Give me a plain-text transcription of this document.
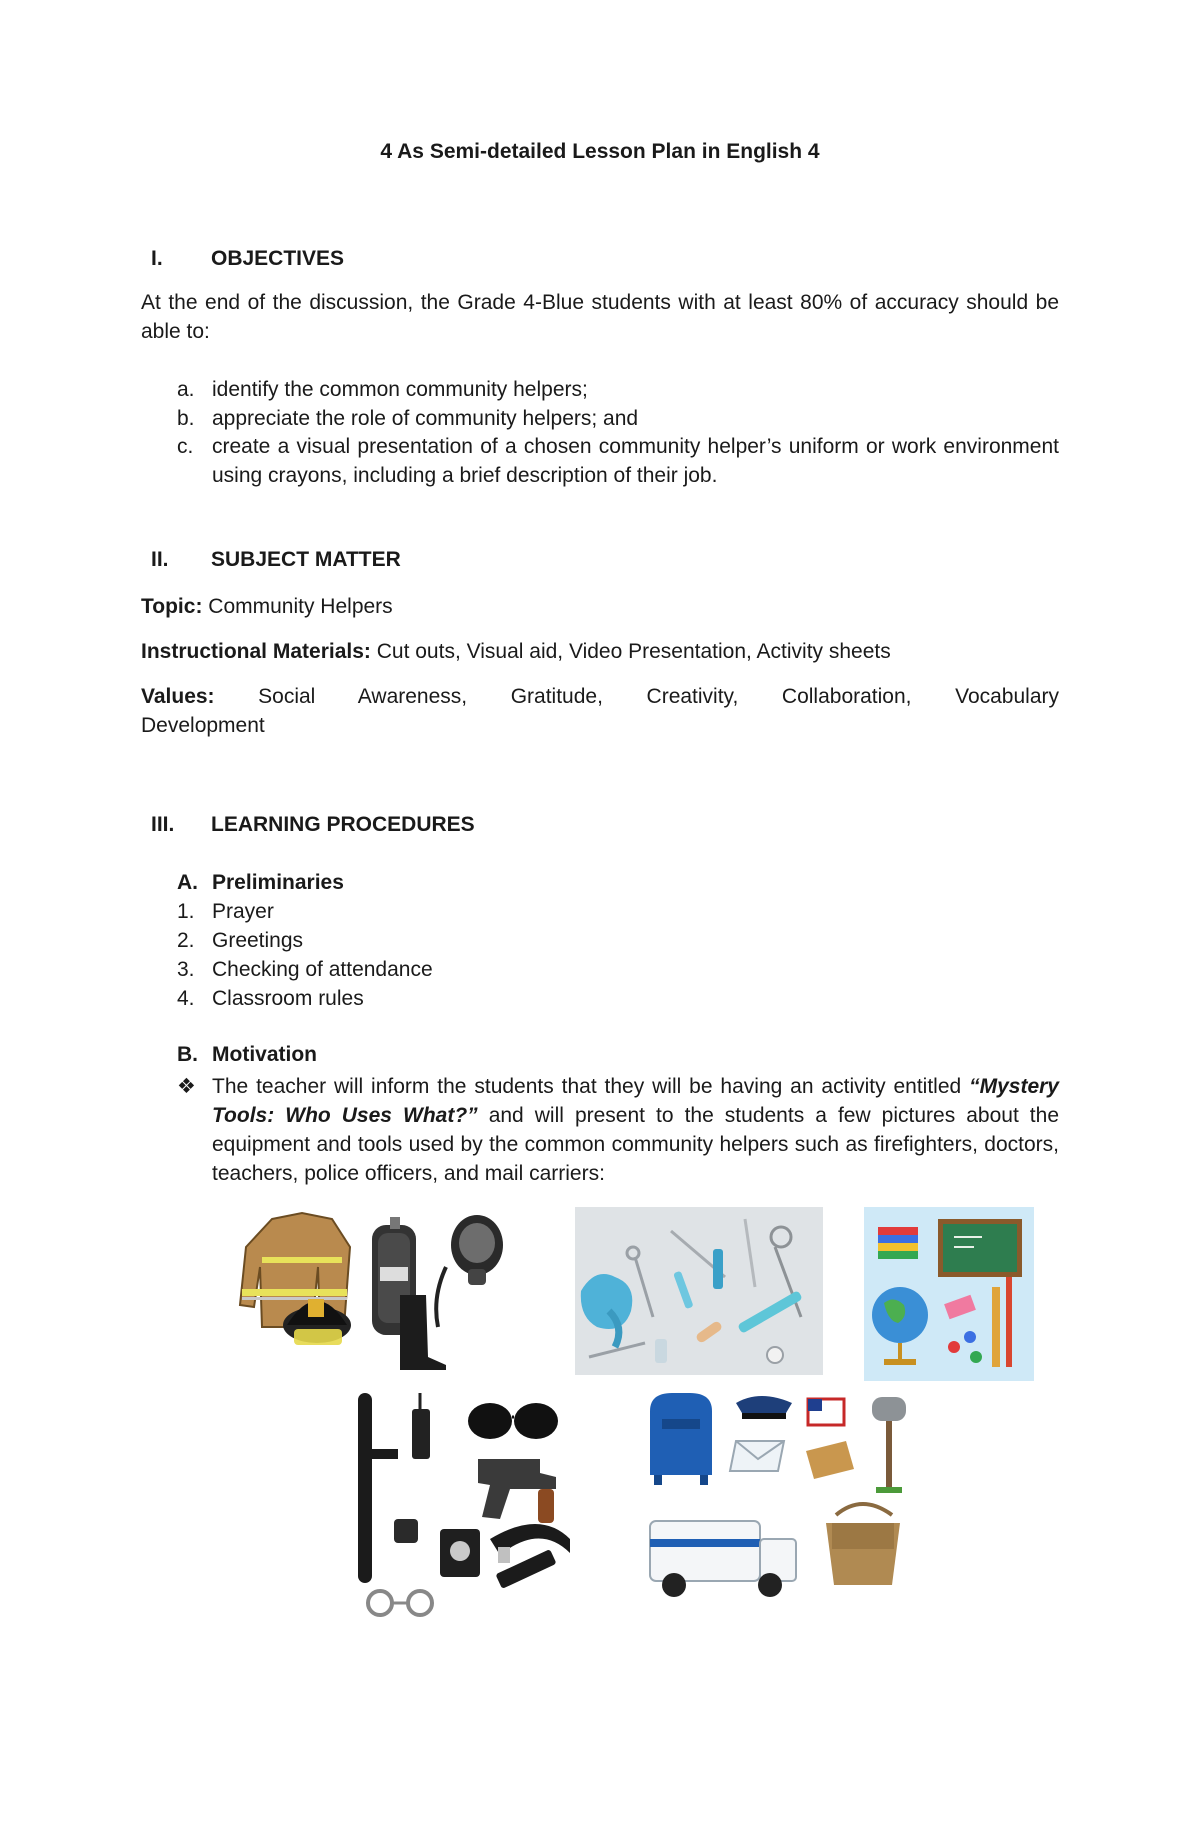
4 As Semi-detailed Lesson Plan in English 4
I. OBJECTIVES
At the end of the discussion, the Grade 4-Blue students with at least 80% of accuracy should be able to:
a. identify the common community helpers;
b. appreciate the role of community helpers; and
c. create a visual presentation of a chosen community helper’s uniform or work environment using crayons, including a brief description of their job.
II. SUBJECT MATTER
Topic: Community Helpers
Instructional Materials: Cut outs, Visual aid, Video Presentation, Activity sheets
Values: Social Awareness, Gratitude, Creativity, Collaboration, Vocabulary
Development
III. LEARNING PROCEDURES
A. Preliminaries
1. Prayer
2. Greetings
3. Checking of attendance
4. Classroom rules
B. Motivation
❖ The teacher will inform the students that they will be having an activity entitled “Mystery Tools: Who Uses What?” and will present to the students a few pictures about the equipment and tools used by the common community helpers such as firefighters, doctors, teachers, police officers, and mail carriers:
